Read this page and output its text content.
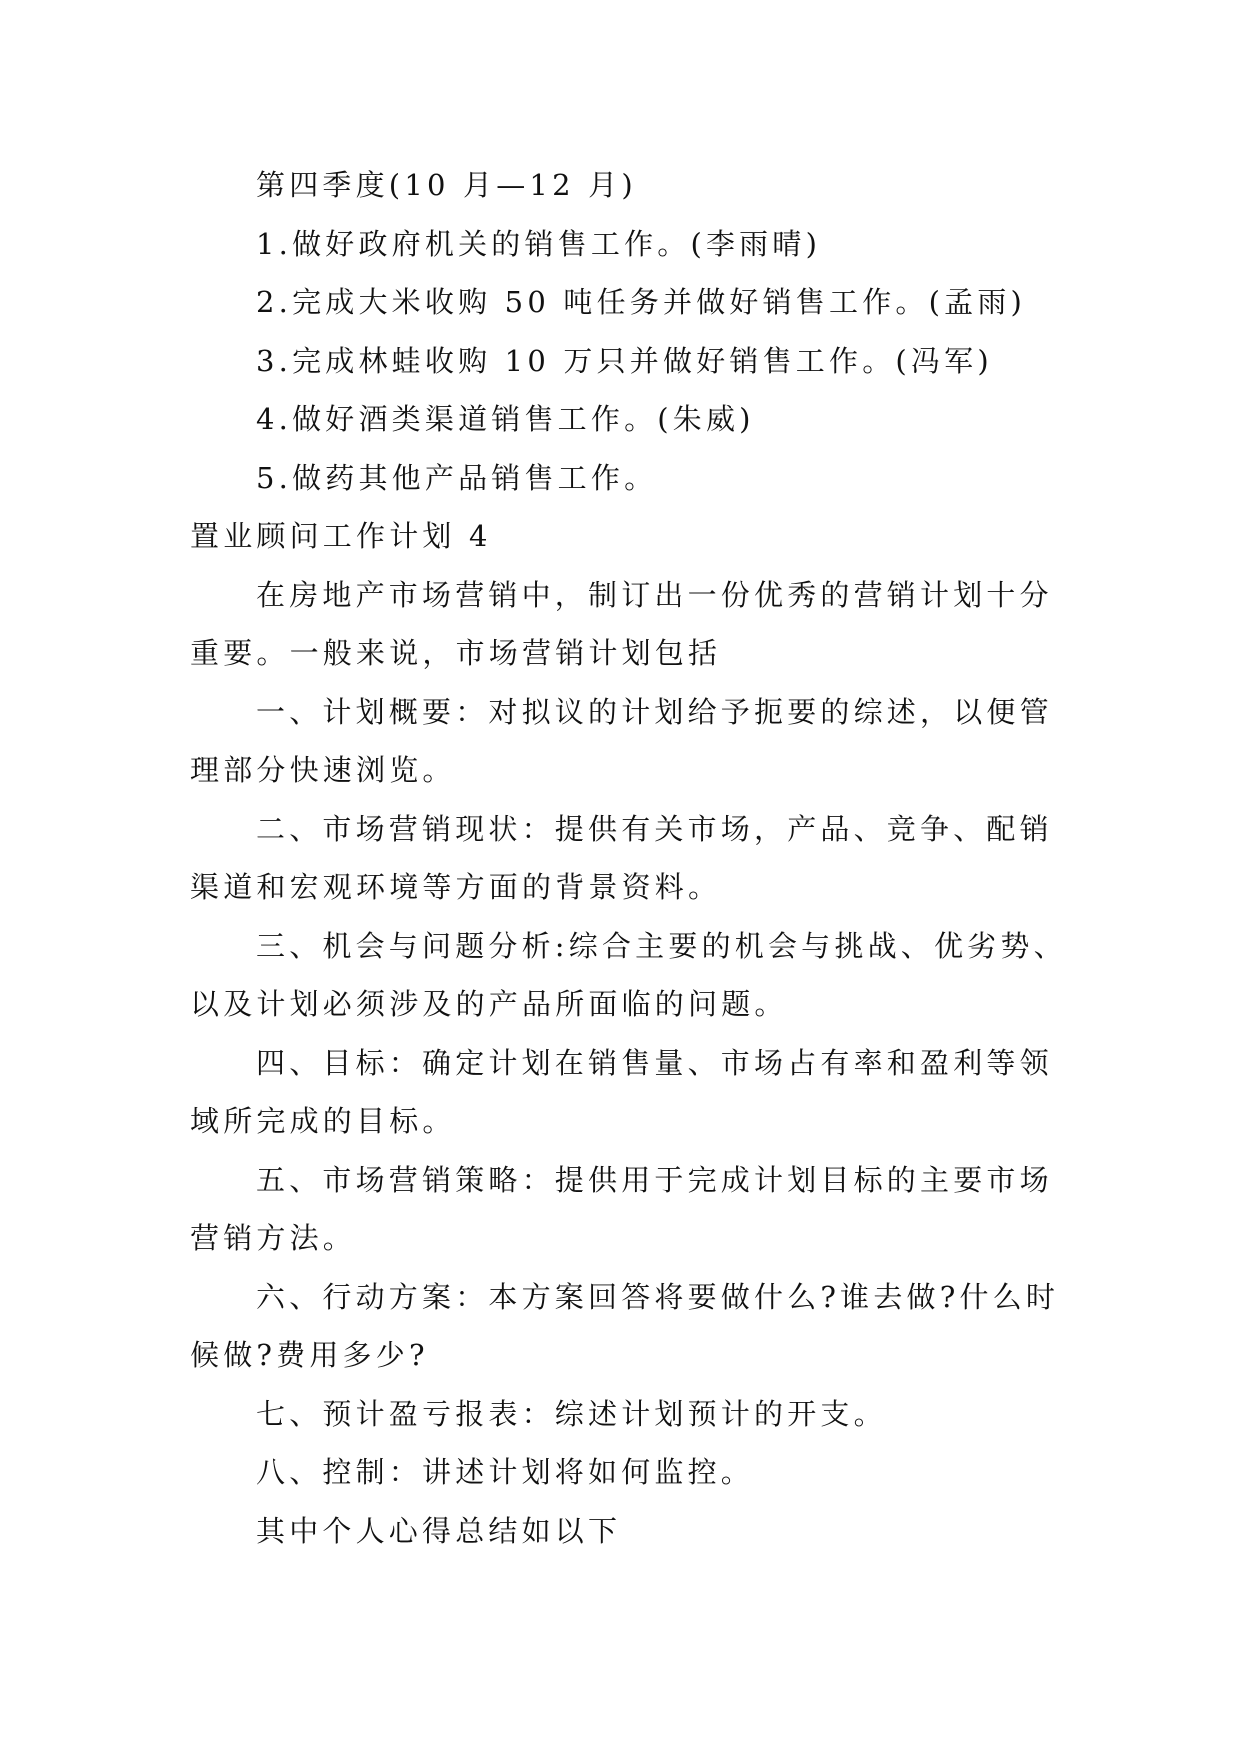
第四季度(10 月—12 月)
1.做好政府机关的销售工作。(李雨晴)
2.完成大米收购 50 吨任务并做好销售工作。(孟雨)
3.完成林蛙收购 10 万只并做好销售工作。(冯军)
4.做好酒类渠道销售工作。(朱威)
5.做药其他产品销售工作。
置业顾问工作计划 4
在房地产市场营销中，制订出一份优秀的营销计划十分
重要。一般来说，市场营销计划包括
一、计划概要：对拟议的计划给予扼要的综述，以便管
理部分快速浏览。
二、市场营销现状：提供有关市场，产品、竞争、配销
渠道和宏观环境等方面的背景资料。
三、机会与问题分析:综合主要的机会与挑战、优劣势、
以及计划必须涉及的产品所面临的问题。
四、目标：确定计划在销售量、市场占有率和盈利等领
域所完成的目标。
五、市场营销策略：提供用于完成计划目标的主要市场
营销方法。
六、行动方案：本方案回答将要做什么?谁去做?什么时
候做?费用多少?
七、预计盈亏报表：综述计划预计的开支。
八、控制：讲述计划将如何监控。
其中个人心得总结如以下
